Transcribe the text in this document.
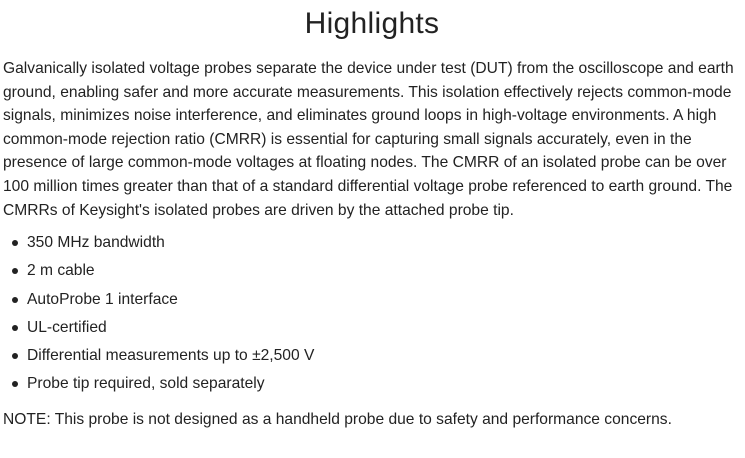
Highlights

Galvanically isolated voltage probes separate the device under test (DUT) from the oscilloscope and earth ground, enabling safer and more accurate measurements. This isolation effectively rejects common-mode signals, minimizes noise interference, and eliminates ground loops in high-voltage environments. A high common-mode rejection ratio (CMRR) is essential for capturing small signals accurately, even in the presence of large common-mode voltages at floating nodes. The CMRR of an isolated probe can be over 100 million times greater than that of a standard differential voltage probe referenced to earth ground. The CMRRs of Keysight's isolated probes are driven by the attached probe tip.

350 MHz bandwidth
2 m cable
AutoProbe 1 interface
UL-certified
Differential measurements up to ±2,500 V
Probe tip required, sold separately

NOTE: This probe is not designed as a handheld probe due to safety and performance concerns.
